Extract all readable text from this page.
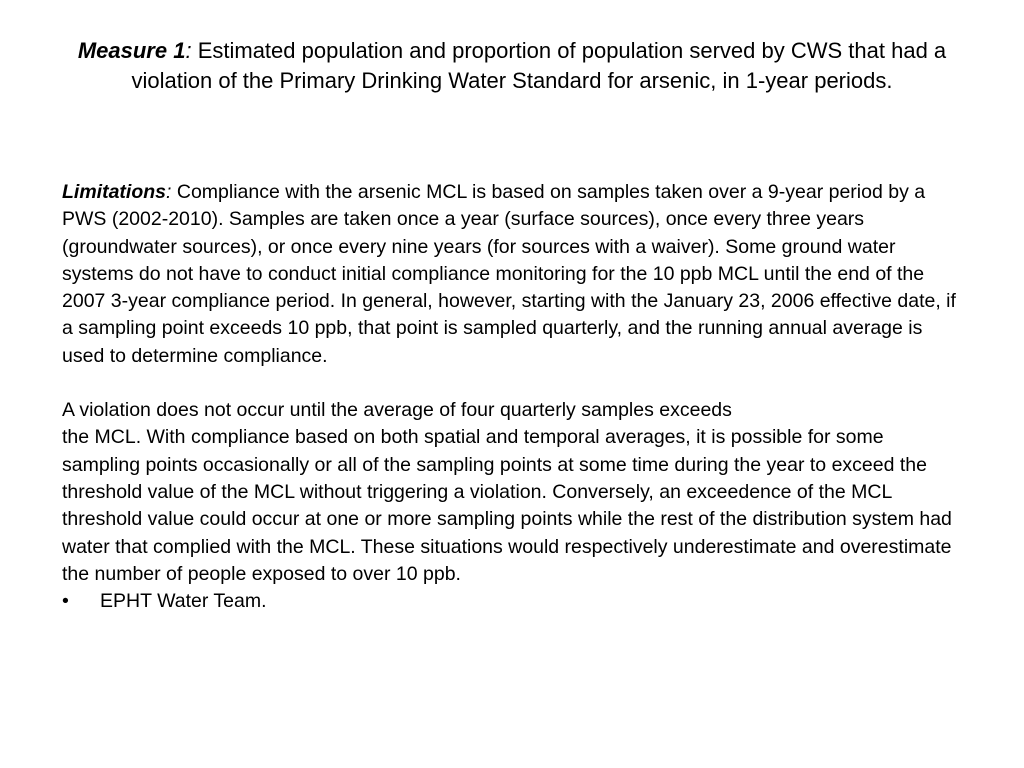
Measure 1: Estimated population and proportion of population served by CWS that had a violation of the Primary Drinking Water Standard for arsenic, in 1-year periods.

Limitations: Compliance with the arsenic MCL is based on samples taken over a 9-year period by a PWS (2002-2010). Samples are taken once a year (surface sources), once every three years (groundwater sources), or once every nine years (for sources with a waiver). Some ground water systems do not have to conduct initial compliance monitoring for the 10 ppb MCL until the end of the 2007 3-year compliance period. In general, however, starting with the January 23, 2006 effective date, if a sampling point exceeds 10 ppb, that point is sampled quarterly, and the running annual average is used to determine compliance.

A violation does not occur until the average of four quarterly samples exceeds
the MCL. With compliance based on both spatial and temporal averages, it is possible for some sampling points occasionally or all of the sampling points at some time during the year to exceed the threshold value of the MCL without triggering a violation. Conversely, an exceedence of the MCL threshold value could occur at one or more sampling points while the rest of the distribution system had water that complied with the MCL. These situations would respectively underestimate and overestimate the number of people exposed to over 10 ppb.

•	EPHT Water Team.
